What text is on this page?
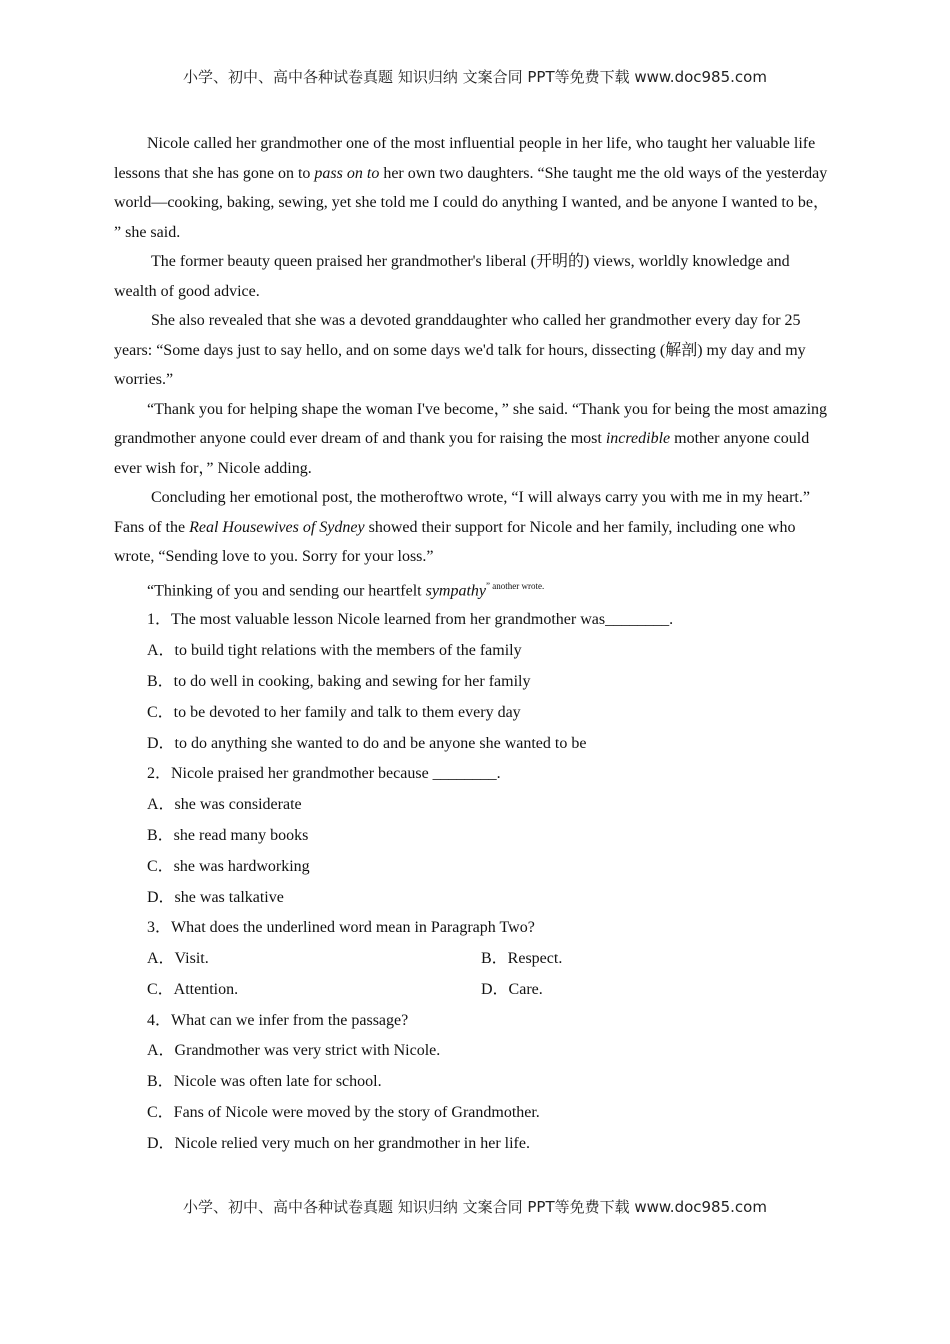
小学、初中、高中各种试卷真题 知识归纳 文案合同 PPT等免费下载 www.doc985.com

Nicole called her grandmother one of the most influential people in her life, who taught her valuable life lessons that she has gone on to pass on to her own two daughters. “She taught me the old ways of the yesterday world—cooking, baking, sewing, yet she told me I could do anything I wanted, and be anyone I wanted to be， ” she said.

The former beauty queen praised her grandmother's liberal (开明的) views, worldly knowledge and wealth of good advice.

She also revealed that she was a devoted granddaughter who called her grandmother every day for 25 years: “Some days just to say hello, and on some days we'd talk for hours, dissecting (解剖) my day and my worries.”

“Thank you for helping shape the woman I've become，” she said. “Thank you for being the most amazing grandmother anyone could ever dream of and thank you for raising the most incredible mother anyone could ever wish for，” Nicole adding.

Concluding her emotional post, the motheroftwo wrote, “I will always carry you with me in my heart.” Fans of the Real Housewives of Sydney showed their support for Nicole and her family, including one who wrote, “Sending love to you. Sorry for your loss.”

“Thinking of you and sending our heartfelt sympathy” $^{another wrote.}$

1．The most valuable lesson Nicole learned from her grandmother was________.
A．to build tight relations with the members of the family
B．to do well in cooking, baking and sewing for her family
C．to be devoted to her family and talk to them every day
D．to do anything she wanted to do and be anyone she wanted to be
2．Nicole praised her grandmother because ________.
A．she was considerate
B．she read many books
C．she was hardworking
D．she was talkative
3．What does the underlined word mean in Paragraph Two?
A．Visit.	B．Respect.
C．Attention.	D．Care.
4．What can we infer from the passage?
A．Grandmother was very strict with Nicole.
B．Nicole was often late for school.
C．Fans of Nicole were moved by the story of Grandmother.
D．Nicole relied very much on her grandmother in her life.
小学、初中、高中各种试卷真题 知识归纳 文案合同 PPT等免费下载 www.doc985.com
